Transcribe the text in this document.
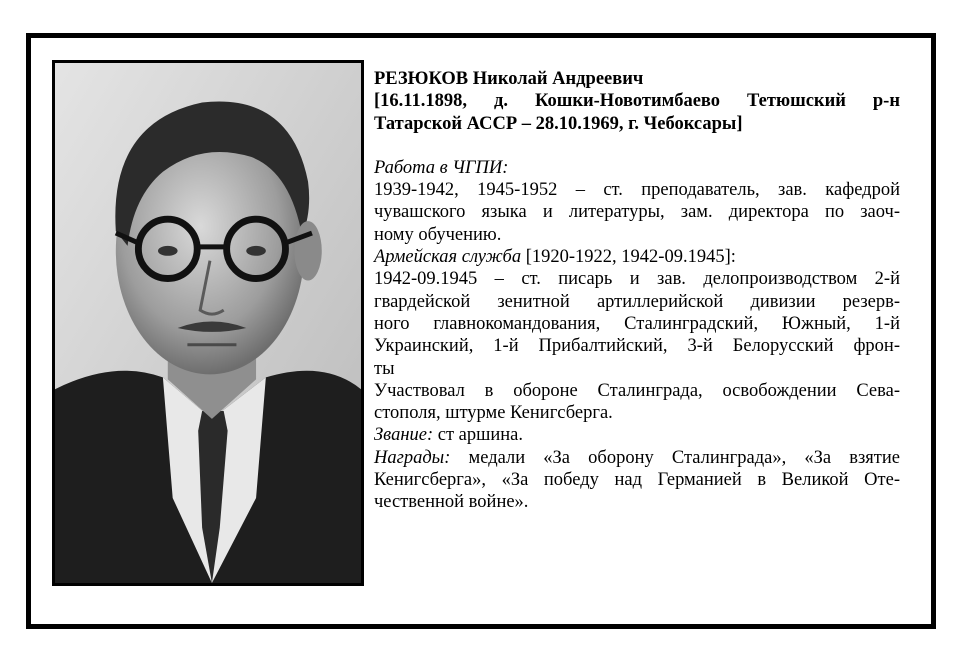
РЕЗЮКОВ Николай Андреевич
[16.11.1898, д. Кошки-Новотимбаево Тетюшский р-н
Татарской АССР – 28.10.1969, г. Чебоксары]
Работа в ЧГПИ:
1939-1942, 1945-1952 – ст. преподаватель, зав. кафедрой
чувашского языка и литературы, зам. директора по заоч-
ному обучению.
Армейская служба [1920-1922, 1942-09.1945]:
1942-09.1945 – ст. писарь и зав. делопроизводством 2-й
гвардейской зенитной артиллерийской дивизии резерв-
ного главнокомандования, Сталинградский, Южный, 1-й
Украинский, 1-й Прибалтийский, 3-й Белорусский фрон-
ты
Участвовал в обороне Сталинграда, освобождении Сева-
стополя, штурме Кенигсберга.
Звание: ст аршина.
Награды: медали «За оборону Сталинграда», «За взятие
Кенигсберга», «За победу над Германией в Великой Оте-
чественной войне».
